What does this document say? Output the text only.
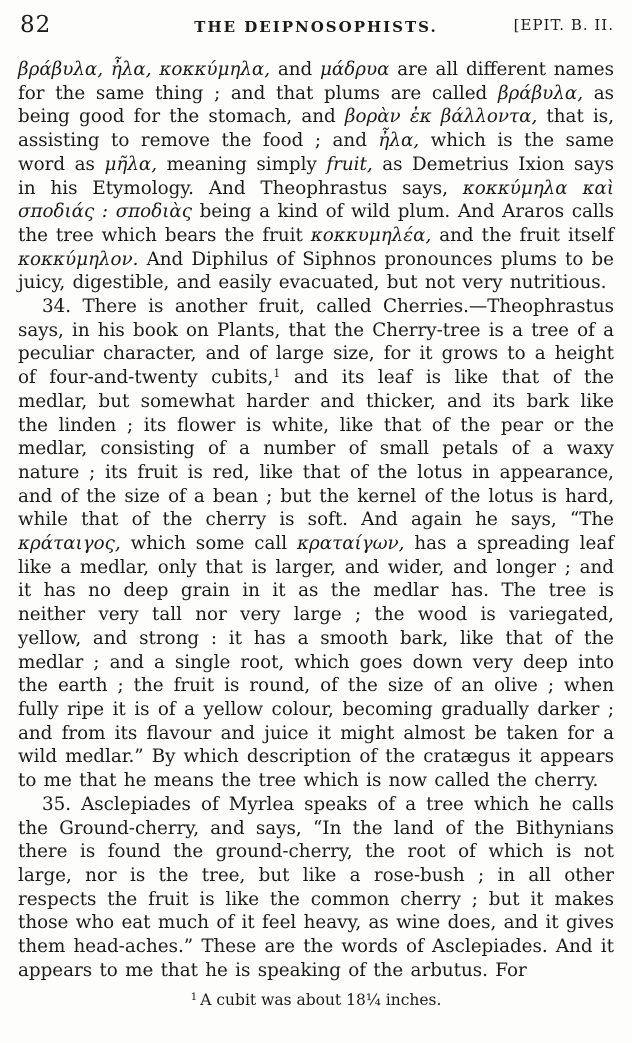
82	THE DEIPNOSOPHISTS.	[EPIT. B. II.

βράβυλα, ἦλα, κοκκύμηλα, and μάδρυα are all different names for the same thing ; and that plums are called βράβυλα, as being good for the stomach, and βορὰν ἐκ βάλλοντα, that is, assisting to remove the food ; and ἦλα, which is the same word as μῆλα, meaning simply fruit, as Demetrius Ixion says in his Etymology. And Theophrastus says, κοκκύμηλα καὶ σποδιάς : σποδιὰς being a kind of wild plum. And Araros calls the tree which bears the fruit κοκκυμηλέα, and the fruit itself κοκκύμηλον. And Diphilus of Siphnos pronounces plums to be juicy, digestible, and easily evacuated, but not very nutritious.

34. There is another fruit, called Cherries.—Theophrastus says, in his book on Plants, that the Cherry-tree is a tree of a peculiar character, and of large size, for it grows to a height of four-and-twenty cubits,$^1$ and its leaf is like that of the medlar, but somewhat harder and thicker, and its bark like the linden ; its flower is white, like that of the pear or the medlar, consisting of a number of small petals of a waxy nature ; its fruit is red, like that of the lotus in appearance, and of the size of a bean ; but the kernel of the lotus is hard, while that of the cherry is soft. And again he says, “The κράταιγος, which some call κραταίγων, has a spreading leaf like a medlar, only that is larger, and wider, and longer ; and it has no deep grain in it as the medlar has. The tree is neither very tall nor very large ; the wood is variegated, yellow, and strong : it has a smooth bark, like that of the medlar ; and a single root, which goes down very deep into the earth ; the fruit is round, of the size of an olive ; when fully ripe it is of a yellow colour, becoming gradually darker ; and from its flavour and juice it might almost be taken for a wild medlar.” By which description of the cratægus it appears to me that he means the tree which is now called the cherry.

35. Asclepiades of Myrlea speaks of a tree which he calls the Ground-cherry, and says, “In the land of the Bithynians there is found the ground-cherry, the root of which is not large, nor is the tree, but like a rose-bush ; in all other respects the fruit is like the common cherry ; but it makes those who eat much of it feel heavy, as wine does, and it gives them head-aches.” These are the words of Asclepiades. And it appears to me that he is speaking of the arbutus. For

$^1$ A cubit was about 18¼ inches.
